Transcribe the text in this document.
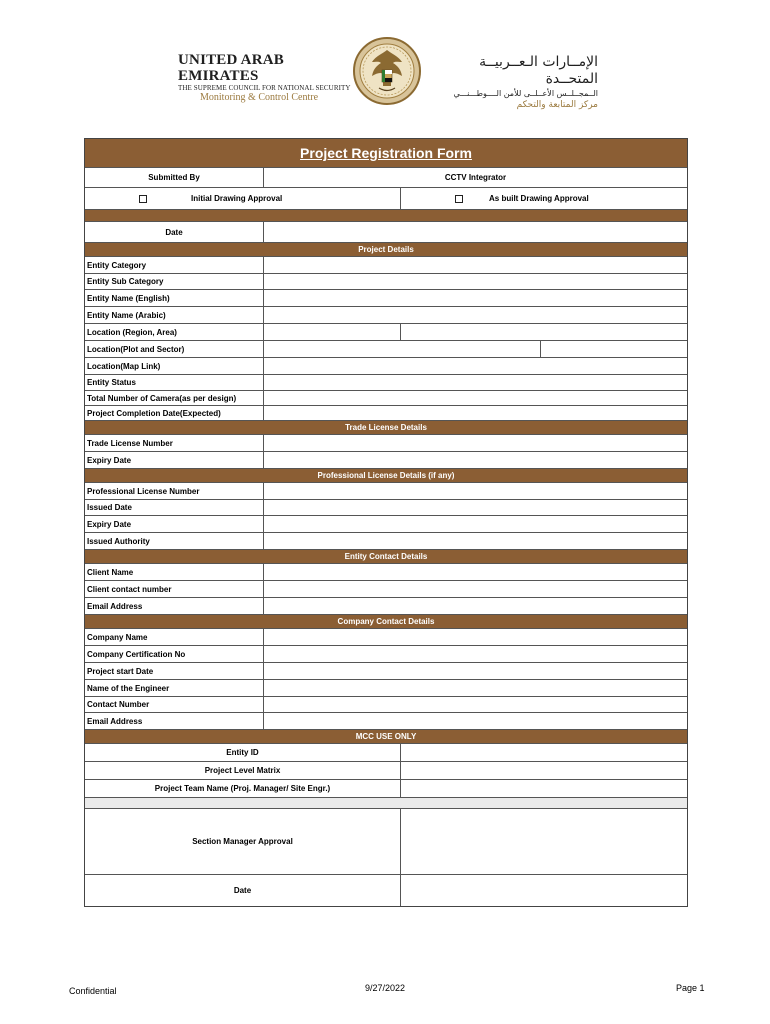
UNITED ARAB EMIRATES
THE SUPREME COUNCIL FOR NATIONAL SECURITY
Monitoring & Control Centre
الإمــارات الـعــربيــة المتحــدة
الــمجــلــس الأعــلــى للأمن الــــوطـــنـــي
مركز المتابعة والتحكم
Project Registration Form
Submitted By	CCTV Integrator
Initial Drawing Approval	As built Drawing Approval
Date
Project Details
Entity Category
Entity Sub Category
Entity Name (English)
Entity Name (Arabic)
Location (Region, Area)
Location(Plot and Sector)
Location(Map Link)
Entity Status
Total Number of Camera(as per design)
Project Completion Date(Expected)
Trade License Details
Trade License Number
Expiry Date
Professional License Details (if any)
Professional License Number
Issued Date
Expiry Date
Issued Authority
Entity Contact Details
Client Name
Client contact number
Email Address
Company Contact Details
Company Name
Company Certification No
Project start Date
Name of the Engineer
Contact Number
Email Address
MCC USE ONLY
Entity ID
Project Level Matrix
Project Team Name (Proj. Manager/ Site Engr.)
Section Manager Approval
Date
Confidential	9/27/2022	Page 1
